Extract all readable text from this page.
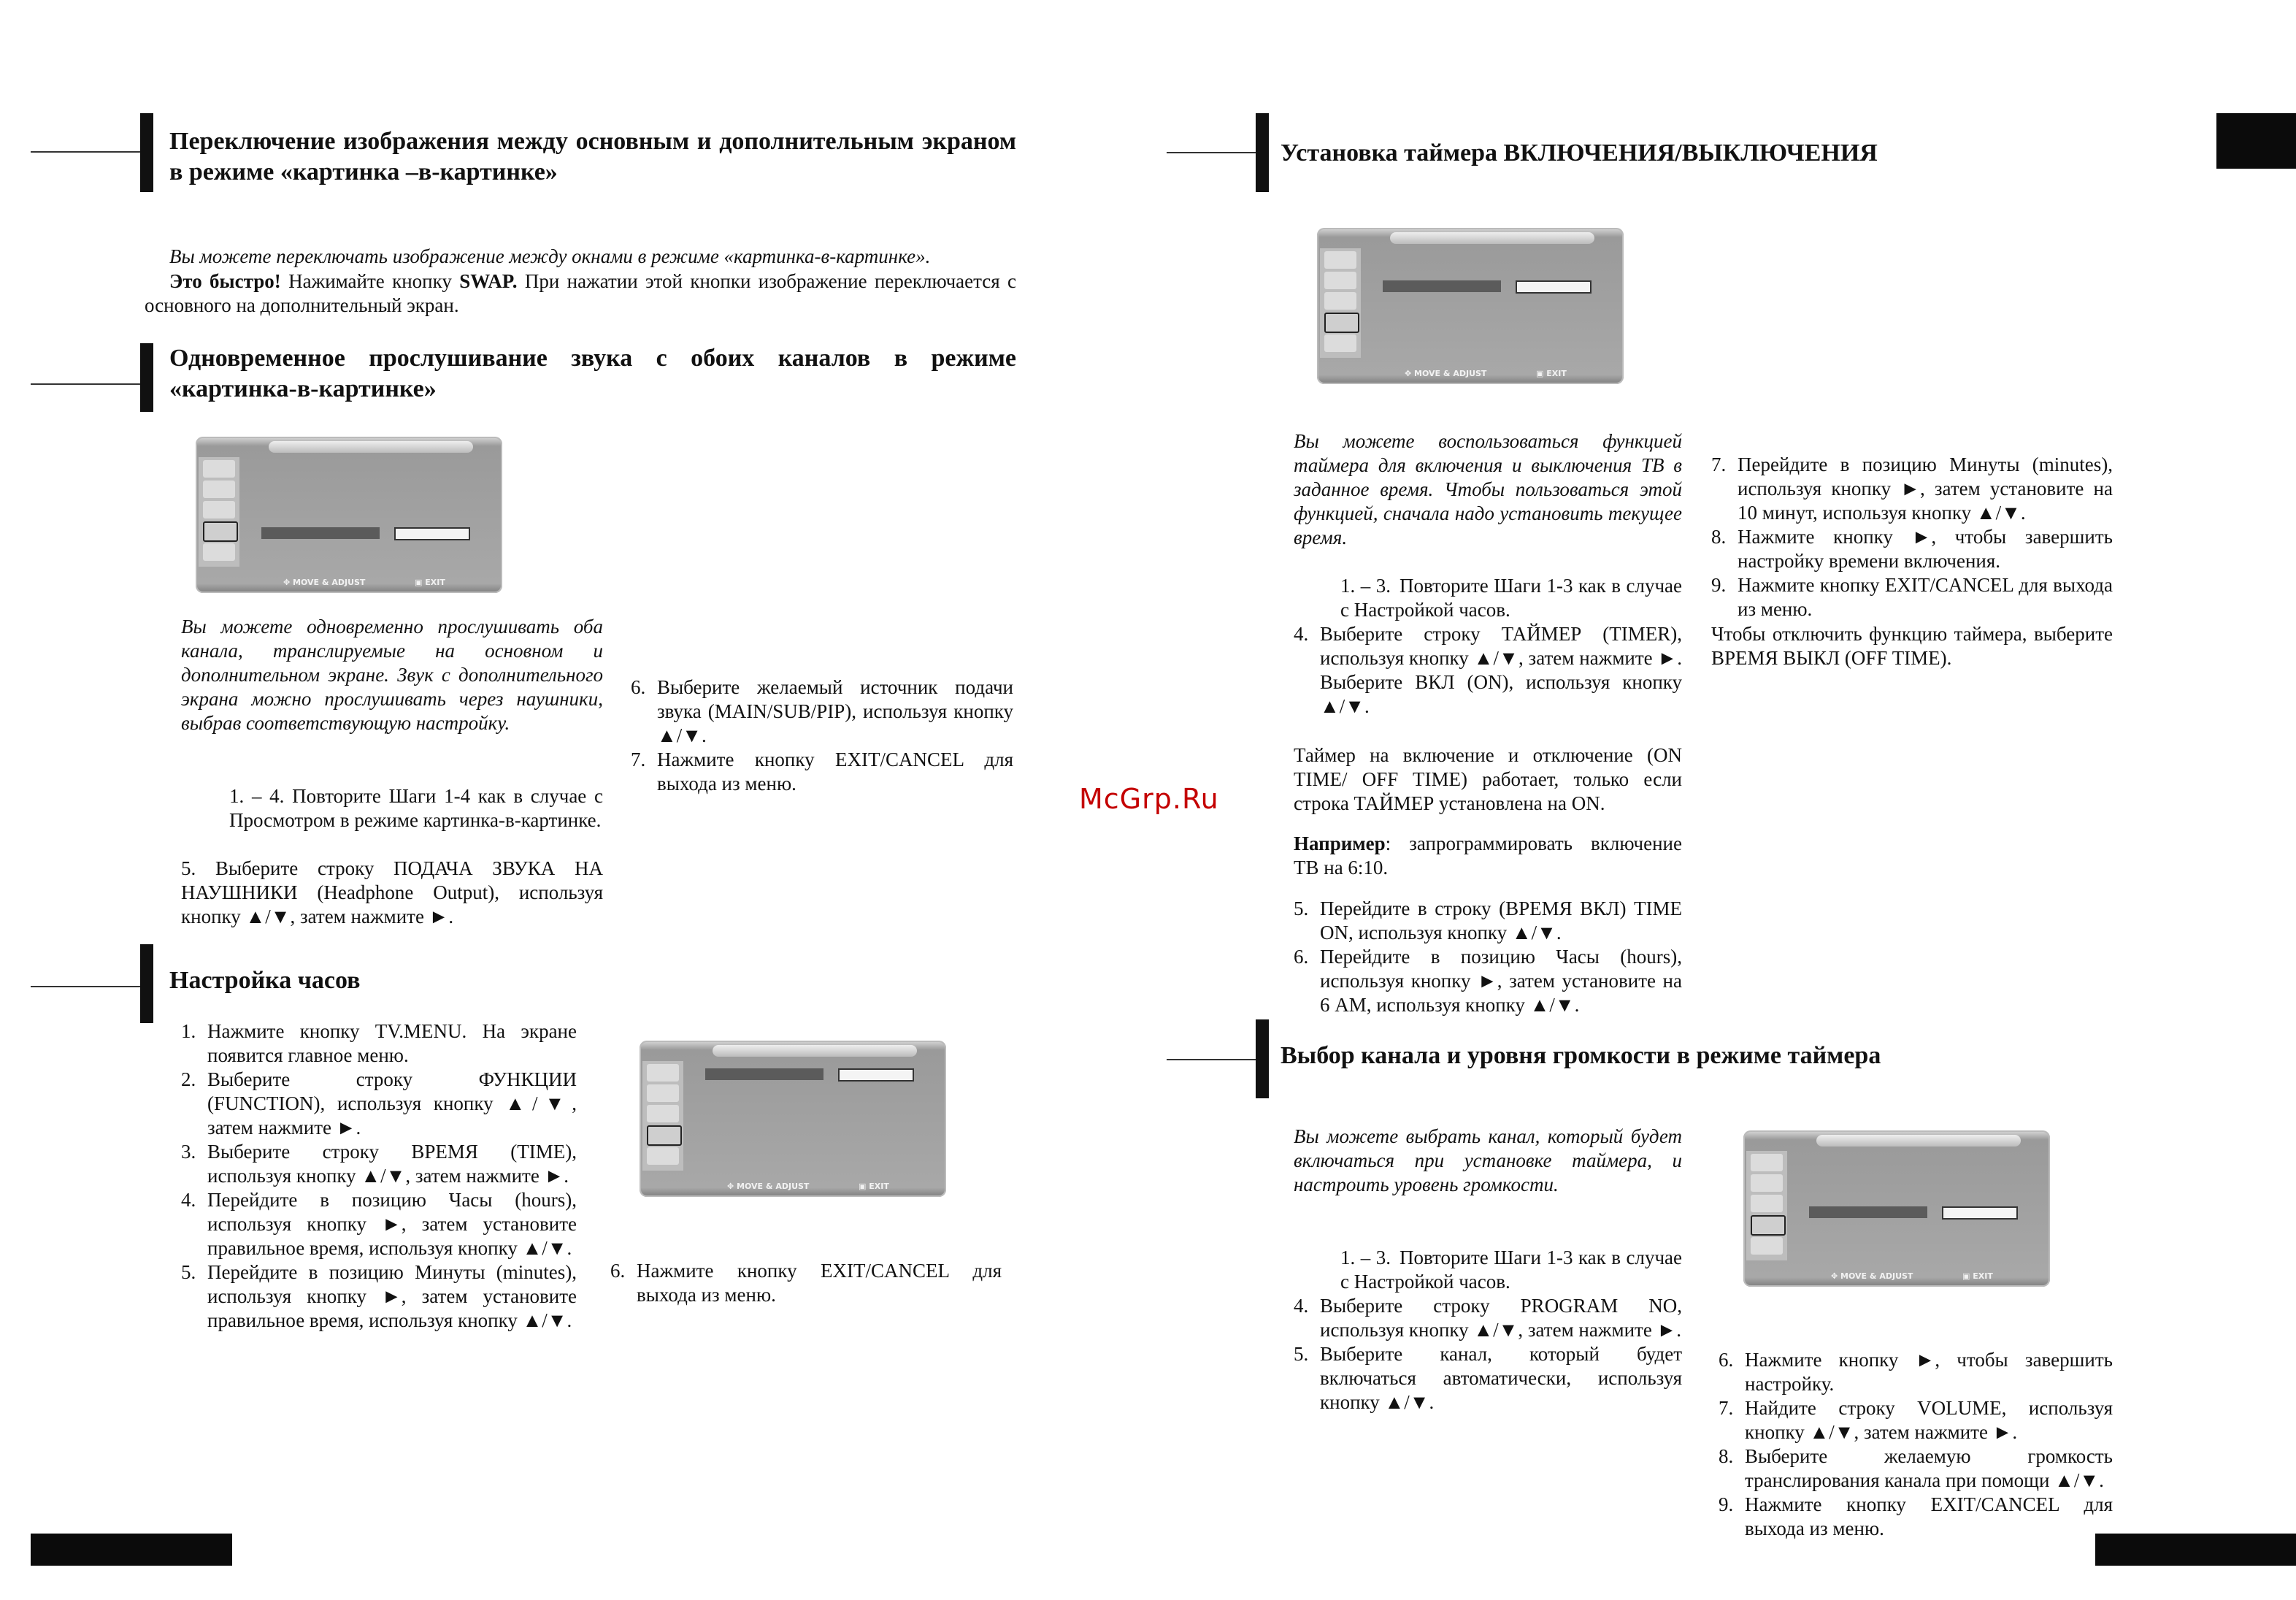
Переключение изображения между основным и дополнительным экраном в режиме «картинка –в-картинке»
Вы можете переключать изображение между окнами в режиме «картинка-в-картинке».
Это быстро! Нажимайте кнопку SWAP. При нажатии этой кнопки изображение переключается с основного на дополнительный экран.
Одновременное прослушивание звука с обоих каналов в режиме «картинка-в-картинке»
✥ MOVE & ADJUST	▣ EXIT
Вы можете одновременно прослушивать оба канала, транслируемые на основном и дополнительном экране. Звук с дополнительного экрана можно прослушивать через наушники, выбрав соответствующую настройку.
1. – 4. Повторите Шаги 1-4 как в случае с Просмотром в режиме картинка-в-картинке.
5. Выберите строку ПОДАЧА ЗВУКА НА НАУШНИКИ (Headphone Output), используя кнопку ▲/▼, затем нажмите ►.
6. Выберите желаемый источник подачи звука (MAIN/SUB/PIP), используя кнопку ▲/▼.
7. Нажмите кнопку EXIT/CANCEL для выхода из меню.
Настройка часов
1. Нажмите кнопку TV.MENU. На экране появится главное меню.
2. Выберите строку ФУНКЦИИ (FUNCTION), используя кнопку ▲/▼, затем нажмите ►.
3. Выберите строку ВРЕМЯ (TIME), используя кнопку ▲/▼, затем нажмите ►.
4. Перейдите в позицию Часы (hours), используя кнопку ►, затем установите правильное время, используя кнопку ▲/▼.
5. Перейдите в позицию Минуты (minutes), используя кнопку ►, затем установите правильное время, используя кнопку ▲/▼.
✥ MOVE & ADJUST	▣ EXIT
6. Нажмите кнопку EXIT/CANCEL для выхода из меню.
McGrp.Ru
Установка таймера ВКЛЮЧЕНИЯ/ВЫКЛЮЧЕНИЯ
✥ MOVE & ADJUST	▣ EXIT
Вы можете воспользоваться функцией таймера для включения и выключения ТВ в заданное время. Чтобы пользоваться этой функцией, сначала надо установить текущее время.
1. – 3. Повторите Шаги 1-3 как в случае с Настройкой часов.
4. Выберите строку ТАЙМЕР (TIMER), используя кнопку ▲/▼, затем нажмите ►. Выберите ВКЛ (ON), используя кнопку ▲/▼.
Таймер на включение и отключение (ON TIME/ OFF TIME) работает, только если строка ТАЙМЕР установлена на ON.
Например: запрограммировать включение ТВ на 6:10.
5. Перейдите в строку (ВРЕМЯ ВКЛ) TIME ON, используя кнопку ▲/▼.
6. Перейдите в позицию Часы (hours), используя кнопку ►, затем установите на 6 AM, используя кнопку ▲/▼.
7. Перейдите в позицию Минуты (minutes), используя кнопку ►, затем установите на 10 минут, используя кнопку ▲/▼.
8. Нажмите кнопку ►, чтобы завершить настройку времени включения.
9. Нажмите кнопку EXIT/CANCEL для выхода из меню.
Чтобы отключить функцию таймера, выберите ВРЕМЯ ВЫКЛ (OFF TIME).
Выбор канала и уровня громкости в режиме таймера
Вы можете выбрать канал, который будет включаться при установке таймера, и настроить уровень громкости.
✥ MOVE & ADJUST	▣ EXIT
1. – 3. Повторите Шаги 1-3 как в случае с Настройкой часов.
4. Выберите строку PROGRAM NO, используя кнопку ▲/▼, затем нажмите ►.
5. Выберите канал, который будет включаться автоматически, используя кнопку ▲/▼.
6. Нажмите кнопку ►, чтобы завершить настройку.
7. Найдите строку VOLUME, используя кнопку ▲/▼, затем нажмите ►.
8. Выберите желаемую громкость транслирования канала при помощи ▲/▼.
9. Нажмите кнопку EXIT/CANCEL для выхода из меню.
